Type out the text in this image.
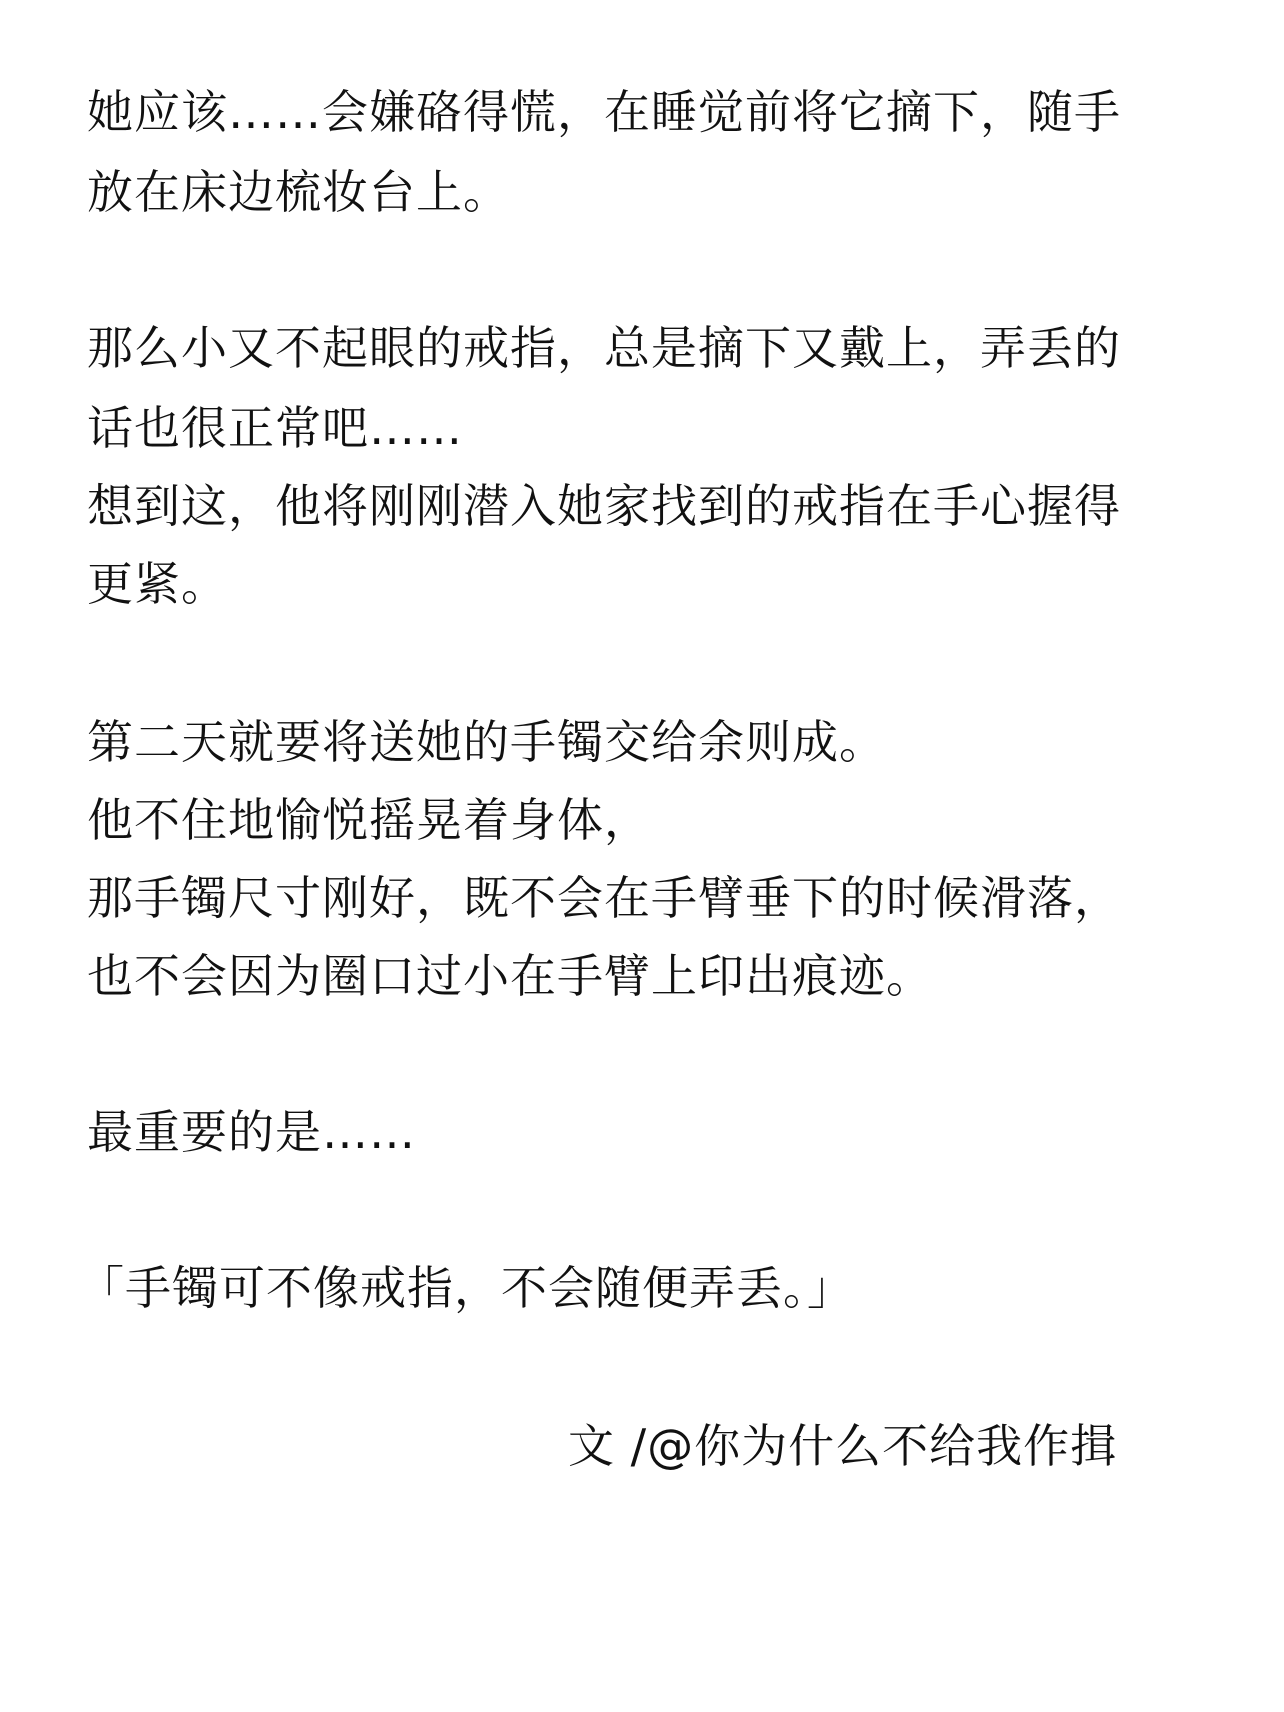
她应该……会嫌硌得慌，在睡觉前将它摘下，随手
放在床边梳妆台上。
那么小又不起眼的戒指，总是摘下又戴上，弄丢的
话也很正常吧……
想到这，他将刚刚潜入她家找到的戒指在手心握得
更紧。
第二天就要将送她的手镯交给余则成。
他不住地愉悦摇晃着身体，
那手镯尺寸刚好，既不会在手臂垂下的时候滑落，
也不会因为圈口过小在手臂上印出痕迹。
最重要的是……
「手镯可不像戒指，不会随便弄丢。」
文 /@你为什么不给我作揖
